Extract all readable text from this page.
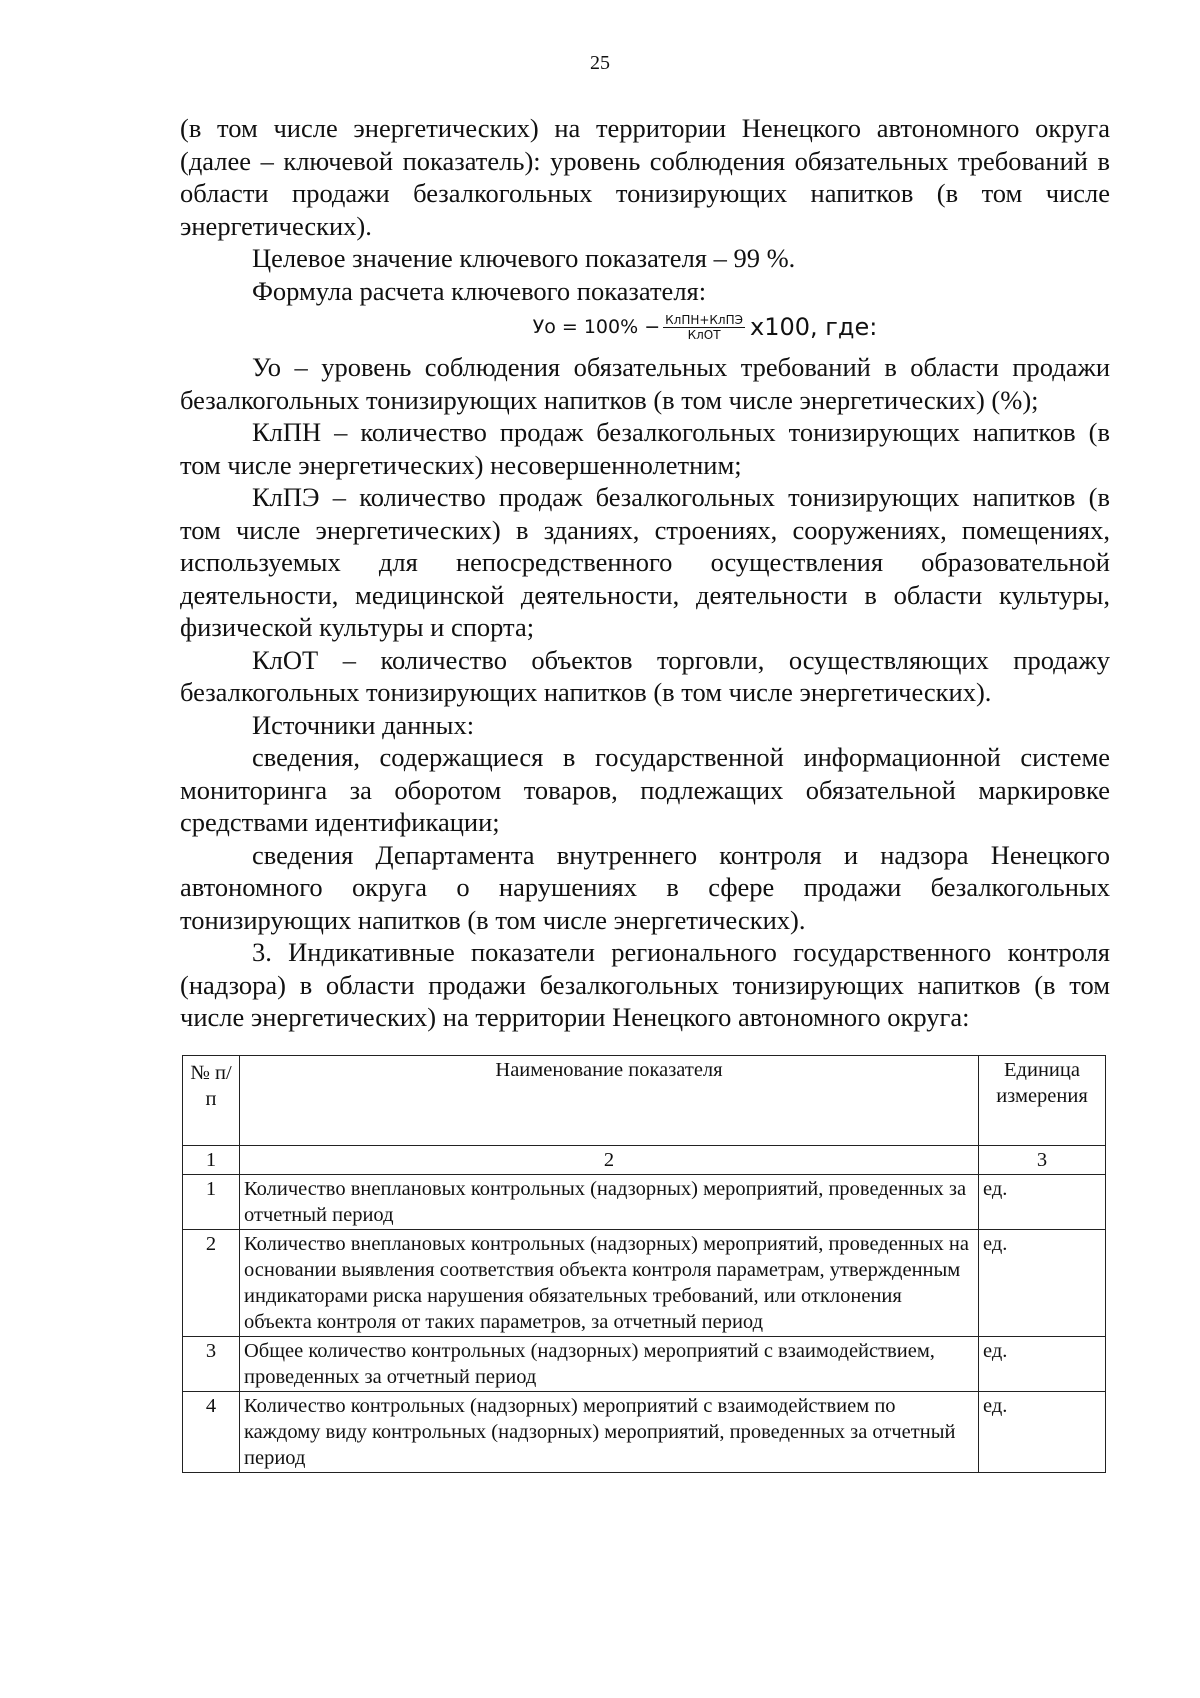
25

(в том числе энергетических) на территории Ненецкого автономного округа (далее – ключевой показатель): уровень соблюдения обязательных требований в области продажи безалкогольных тонизирующих напитков (в том числе энергетических).

Целевое значение ключевого показателя – 99 %.

Формула расчета ключевого показателя:

Уо = $100\% - \frac{\text{КлПН+КлПЭ}}{\text{КлОТ}} х100$, где:

Уо – уровень соблюдения обязательных требований в области продажи безалкогольных тонизирующих напитков (в том числе энергетических) (%);

КлПН – количество продаж безалкогольных тонизирующих напитков (в том числе энергетических) несовершеннолетним;

КлПЭ – количество продаж безалкогольных тонизирующих напитков (в том числе энергетических) в зданиях, строениях, сооружениях, помещениях, используемых для непосредственного осуществления образовательной деятельности, медицинской деятельности, деятельности в области культуры, физической культуры и спорта;

КлОТ – количество объектов торговли, осуществляющих продажу безалкогольных тонизирующих напитков (в том числе энергетических).

Источники данных:

сведения, содержащиеся в государственной информационной системе мониторинга за оборотом товаров, подлежащих обязательной маркировке средствами идентификации;

сведения Департамента внутреннего контроля и надзора Ненецкого автономного округа о нарушениях в сфере продажи безалкогольных тонизирующих напитков (в том числе энергетических).

3. Индикативные показатели регионального государственного контроля (надзора) в области продажи безалкогольных тонизирующих напитков (в том числе энергетических) на территории Ненецкого автономного округа:

№ п/п	Наименование показателя	Единица измерения
1	2	3
1	Количество внеплановых контрольных (надзорных) мероприятий, проведенных за отчетный период	ед.
2	Количество внеплановых контрольных (надзорных) мероприятий, проведенных на основании выявления соответствия объекта контроля параметрам, утвержденным индикаторами риска нарушения обязательных требований, или отклонения объекта контроля от таких параметров, за отчетный период	ед.
3	Общее количество контрольных (надзорных) мероприятий с взаимодействием, проведенных за отчетный период	ед.
4	Количество контрольных (надзорных) мероприятий с взаимодействием по каждому виду контрольных (надзорных) мероприятий, проведенных за отчетный период	ед.
